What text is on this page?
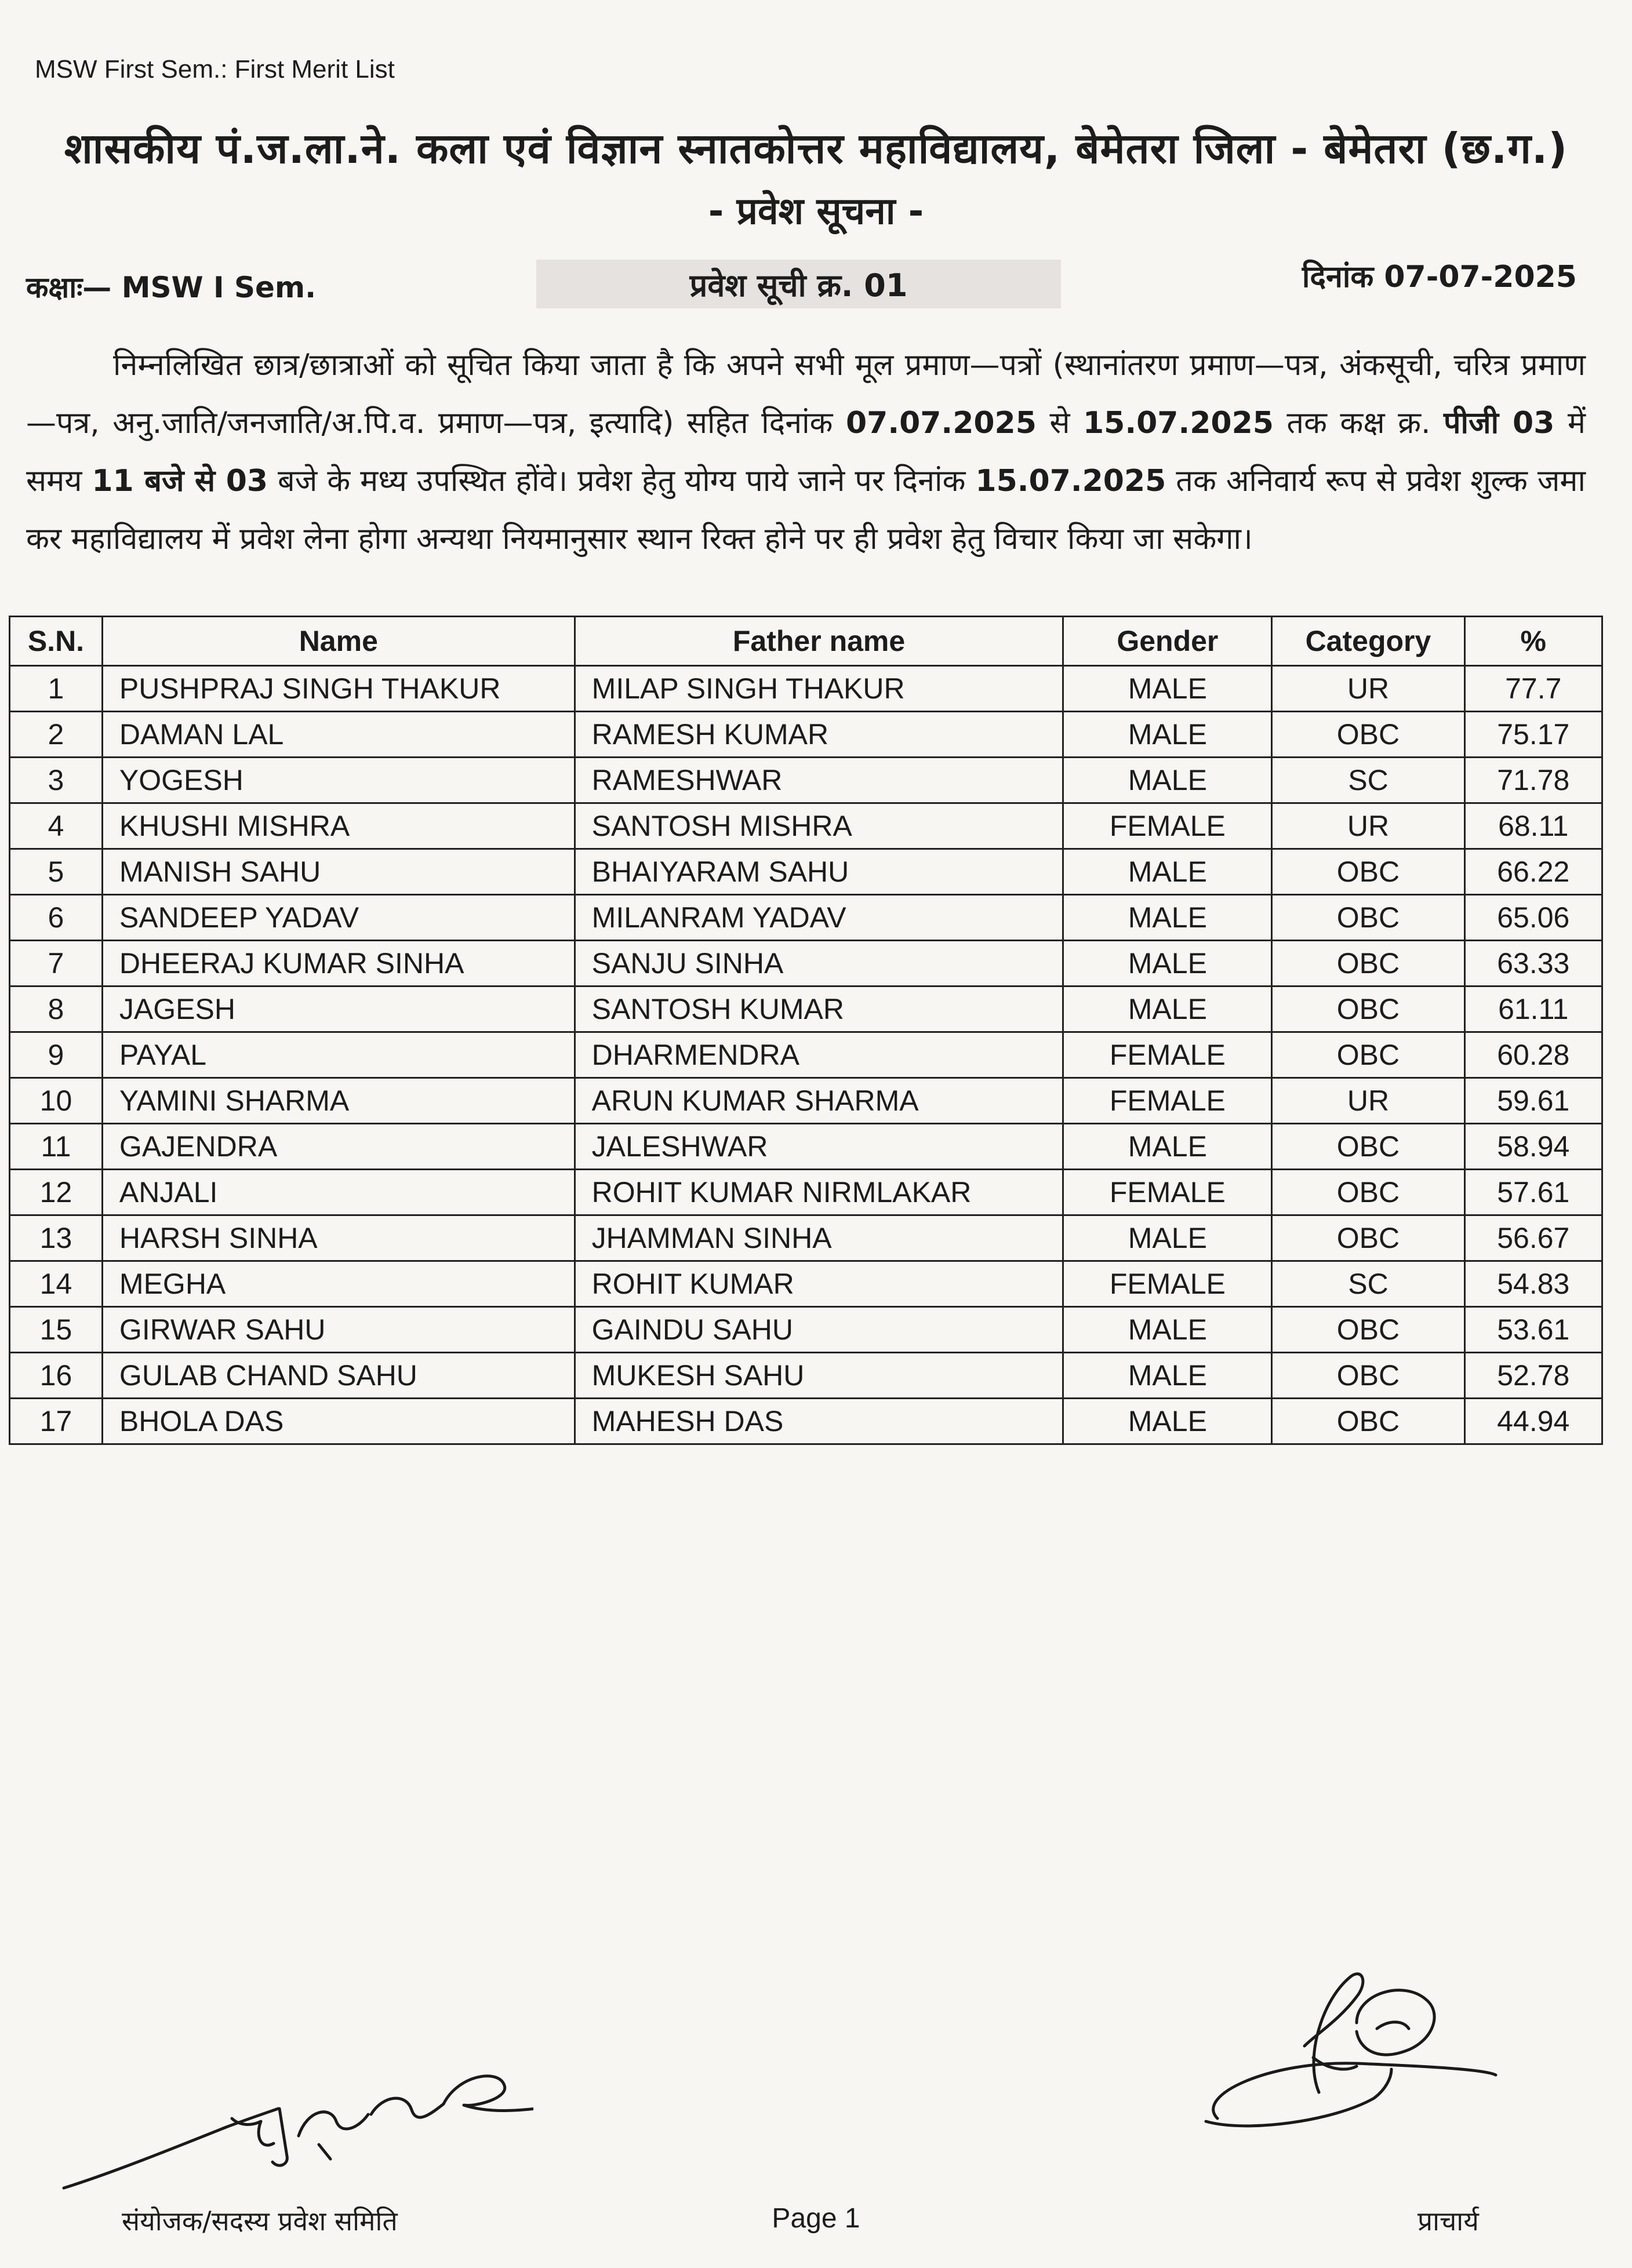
MSW First Sem.: First Merit List
शासकीय पं.ज.ला.ने. कला एवं विज्ञान स्नातकोत्तर महाविद्यालय, बेमेतरा जिला - बेमेतरा (छ.ग.)
- प्रवेश सूचना -
कक्षाः— MSW I Sem.	प्रवेश सूची क्र. 01	दिनांक 07-07-2025
निम्नलिखित छात्र/छात्राओं को सूचित किया जाता है कि अपने सभी मूल प्रमाण—पत्रों (स्थानांतरण प्रमाण—पत्र, अंकसूची, चरित्र प्रमाण—पत्र, अनु.जाति/जनजाति/अ.पि.व. प्रमाण—पत्र, इत्यादि) सहित दिनांक 07.07.2025 से 15.07.2025 तक कक्ष क्र. पीजी 03 में समय 11 बजे से 03 बजे के मध्य उपस्थित होंवे। प्रवेश हेतु योग्य पाये जाने पर दिनांक 15.07.2025 तक अनिवार्य रूप से प्रवेश शुल्क जमा कर महाविद्यालय में प्रवेश लेना होगा अन्यथा नियमानुसार स्थान रिक्त होने पर ही प्रवेश हेतु विचार किया जा सकेगा।
S.N.	Name	Father name	Gender	Category	%
1	PUSHPRAJ SINGH THAKUR	MILAP SINGH THAKUR	MALE	UR	77.7
2	DAMAN LAL	RAMESH KUMAR	MALE	OBC	75.17
3	YOGESH	RAMESHWAR	MALE	SC	71.78
4	KHUSHI MISHRA	SANTOSH MISHRA	FEMALE	UR	68.11
5	MANISH SAHU	BHAIYARAM SAHU	MALE	OBC	66.22
6	SANDEEP YADAV	MILANRAM YADAV	MALE	OBC	65.06
7	DHEERAJ KUMAR SINHA	SANJU SINHA	MALE	OBC	63.33
8	JAGESH	SANTOSH KUMAR	MALE	OBC	61.11
9	PAYAL	DHARMENDRA	FEMALE	OBC	60.28
10	YAMINI SHARMA	ARUN KUMAR SHARMA	FEMALE	UR	59.61
11	GAJENDRA	JALESHWAR	MALE	OBC	58.94
12	ANJALI	ROHIT KUMAR NIRMLAKAR	FEMALE	OBC	57.61
13	HARSH SINHA	JHAMMAN SINHA	MALE	OBC	56.67
14	MEGHA	ROHIT KUMAR	FEMALE	SC	54.83
15	GIRWAR SAHU	GAINDU SAHU	MALE	OBC	53.61
16	GULAB CHAND SAHU	MUKESH SAHU	MALE	OBC	52.78
17	BHOLA DAS	MAHESH DAS	MALE	OBC	44.94
संयोजक/सदस्य प्रवेश समिति	Page 1	प्राचार्य
